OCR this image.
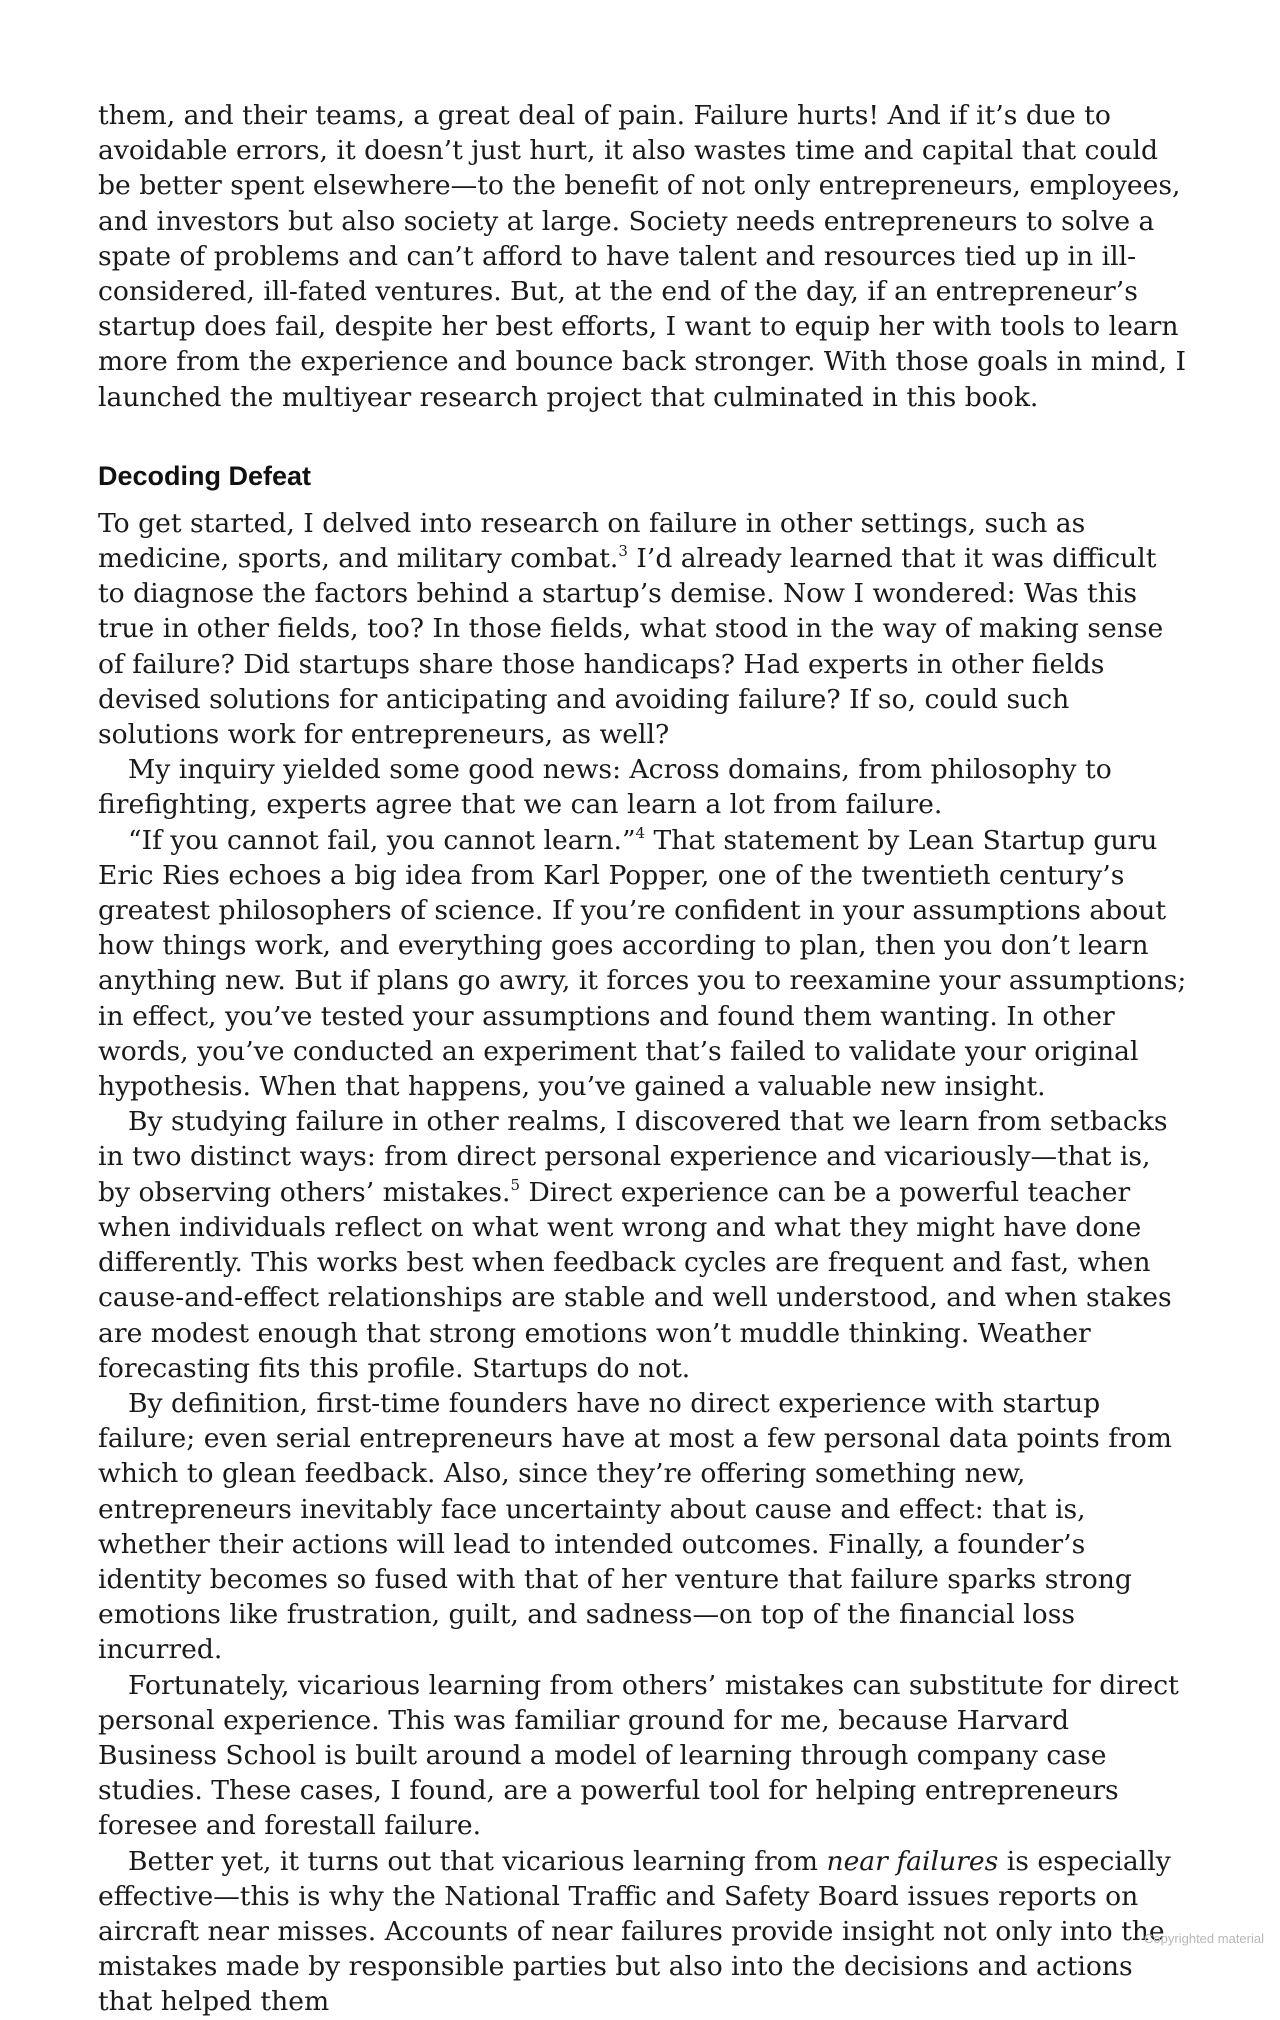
them, and their teams, a great deal of pain. Failure hurts! And if it’s due to avoidable errors, it doesn’t just hurt, it also wastes time and capital that could be better spent elsewhere—to the benefit of not only entrepreneurs, employees, and investors but also society at large. Society needs entrepreneurs to solve a spate of problems and can’t afford to have talent and resources tied up in ill-considered, ill-fated ventures. But, at the end of the day, if an entrepreneur’s startup does fail, despite her best efforts, I want to equip her with tools to learn more from the experience and bounce back stronger. With those goals in mind, I launched the multiyear research project that culminated in this book.

Decoding Defeat

To get started, I delved into research on failure in other settings, such as medicine, sports, and military combat.$^3$ I’d already learned that it was difficult to diagnose the factors behind a startup’s demise. Now I wondered: Was this true in other fields, too? In those fields, what stood in the way of making sense of failure? Did startups share those handicaps? Had experts in other fields devised solutions for anticipating and avoiding failure? If so, could such solutions work for entrepreneurs, as well?

My inquiry yielded some good news: Across domains, from philosophy to firefighting, experts agree that we can learn a lot from failure.

“If you cannot fail, you cannot learn.”$^4$ That statement by Lean Startup guru Eric Ries echoes a big idea from Karl Popper, one of the twentieth century’s greatest philosophers of science. If you’re confident in your assumptions about how things work, and everything goes according to plan, then you don’t learn anything new. But if plans go awry, it forces you to reexamine your assumptions; in effect, you’ve tested your assumptions and found them wanting. In other words, you’ve conducted an experiment that’s failed to validate your original hypothesis. When that happens, you’ve gained a valuable new insight.

By studying failure in other realms, I discovered that we learn from setbacks in two distinct ways: from direct personal experience and vicariously—that is, by observing others’ mistakes.$^5$ Direct experience can be a powerful teacher when individuals reflect on what went wrong and what they might have done differently. This works best when feedback cycles are frequent and fast, when cause-and-effect relationships are stable and well understood, and when stakes are modest enough that strong emotions won’t muddle thinking. Weather forecasting fits this profile. Startups do not.

By definition, first-time founders have no direct experience with startup failure; even serial entrepreneurs have at most a few personal data points from which to glean feedback. Also, since they’re offering something new, entrepreneurs inevitably face uncertainty about cause and effect: that is, whether their actions will lead to intended outcomes. Finally, a founder’s identity becomes so fused with that of her venture that failure sparks strong emotions like frustration, guilt, and sadness—on top of the financial loss incurred.

Fortunately, vicarious learning from others’ mistakes can substitute for direct personal experience. This was familiar ground for me, because Harvard Business School is built around a model of learning through company case studies. These cases, I found, are a powerful tool for helping entrepreneurs foresee and forestall failure.

Better yet, it turns out that vicarious learning from near failures is especially effective—this is why the National Traffic and Safety Board issues reports on aircraft near misses. Accounts of near failures provide insight not only into the mistakes made by responsible parties but also into the decisions and actions that helped them

Copyrighted material
